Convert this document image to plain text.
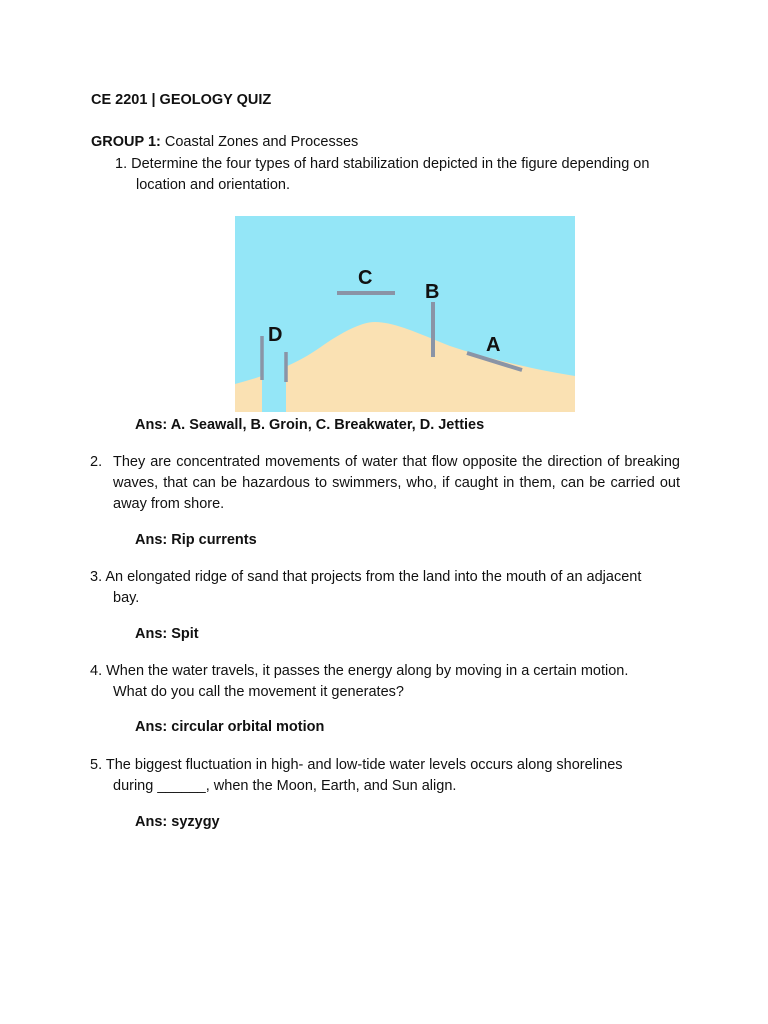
CE 2201 | GEOLOGY QUIZ
GROUP 1: Coastal Zones and Processes
1. Determine the four types of hard stabilization depicted in the figure depending on
location and orientation.
C
B
D	A
Ans: A. Seawall, B. Groin, C. Breakwater, D. Jetties
2. They are concentrated movements of water that flow opposite the direction of breaking waves, that can be hazardous to swimmers, who, if caught in them, can be carried out away from shore.
Ans: Rip currents
3. An elongated ridge of sand that projects from the land into the mouth of an adjacent
bay.
Ans: Spit
4. When the water travels, it passes the energy along by moving in a certain motion.
What do you call the movement it generates?
Ans: circular orbital motion
5. The biggest fluctuation in high- and low-tide water levels occurs along shorelines
during ______, when the Moon, Earth, and Sun align.
Ans: syzygy
